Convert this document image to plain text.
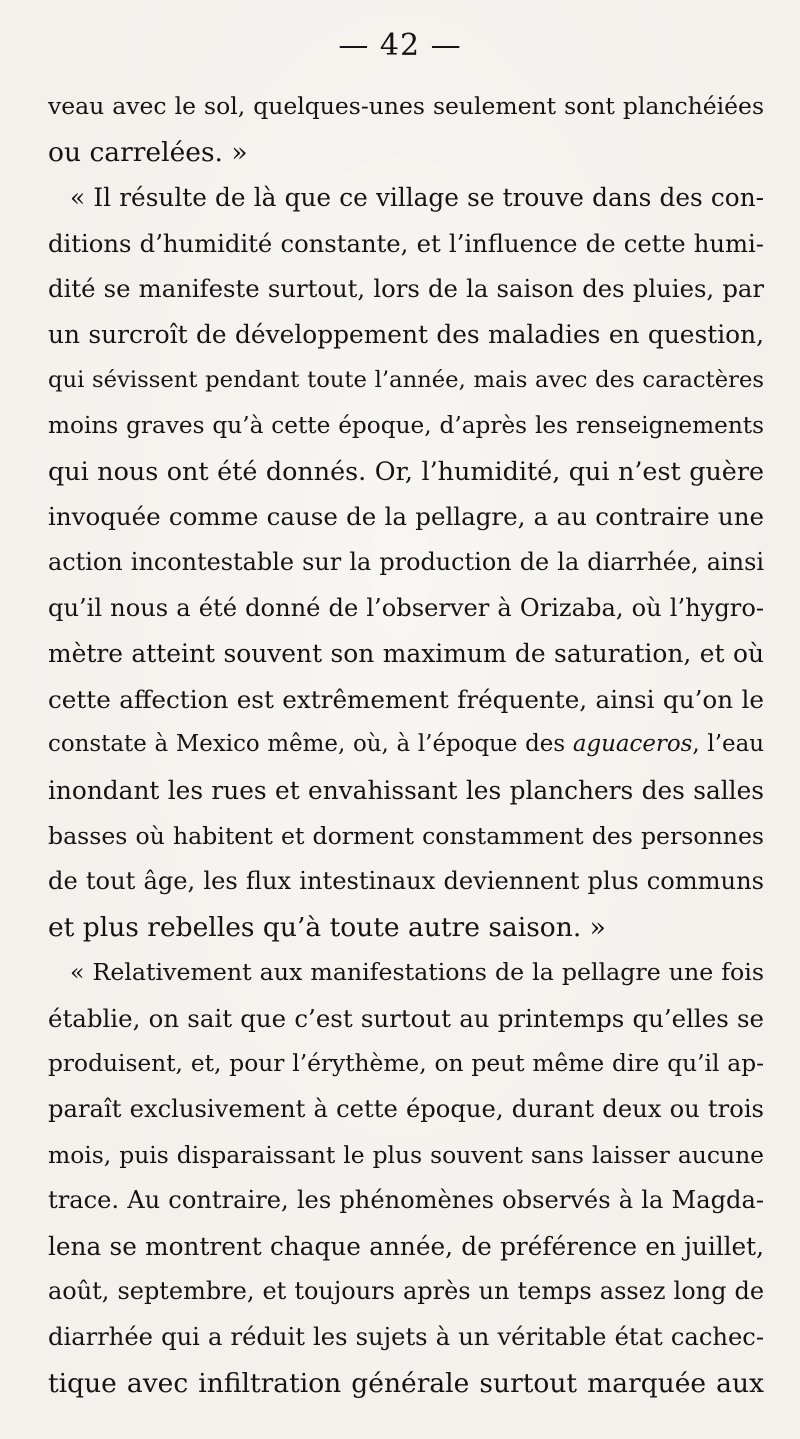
— 42 —
veau avec le sol, quelques-unes seulement sont planchéiées
ou carrelées. »
« Il résulte de là que ce village se trouve dans des con-
ditions d’humidité constante, et l’influence de cette humi-
dité se manifeste surtout, lors de la saison des pluies, par
un surcroît de développement des maladies en question,
qui sévissent pendant toute l’année, mais avec des caractères
moins graves qu’à cette époque, d’après les renseignements
qui nous ont été donnés. Or, l’humidité, qui n’est guère
invoquée comme cause de la pellagre, a au contraire une
action incontestable sur la production de la diarrhée, ainsi
qu’il nous a été donné de l’observer à Orizaba, où l’hygro-
mètre atteint souvent son maximum de saturation, et où
cette affection est extrêmement fréquente, ainsi qu’on le
constate à Mexico même, où, à l’époque des aguaceros, l’eau
inondant les rues et envahissant les planchers des salles
basses où habitent et dorment constamment des personnes
de tout âge, les flux intestinaux deviennent plus communs
et plus rebelles qu’à toute autre saison. »
« Relativement aux manifestations de la pellagre une fois
établie, on sait que c’est surtout au printemps qu’elles se
produisent, et, pour l’érythème, on peut même dire qu’il ap-
paraît exclusivement à cette époque, durant deux ou trois
mois, puis disparaissant le plus souvent sans laisser aucune
trace. Au contraire, les phénomènes observés à la Magda-
lena se montrent chaque année, de préférence en juillet,
août, septembre, et toujours après un temps assez long de
diarrhée qui a réduit les sujets à un véritable état cachec-
tique avec infiltration générale surtout marquée aux
